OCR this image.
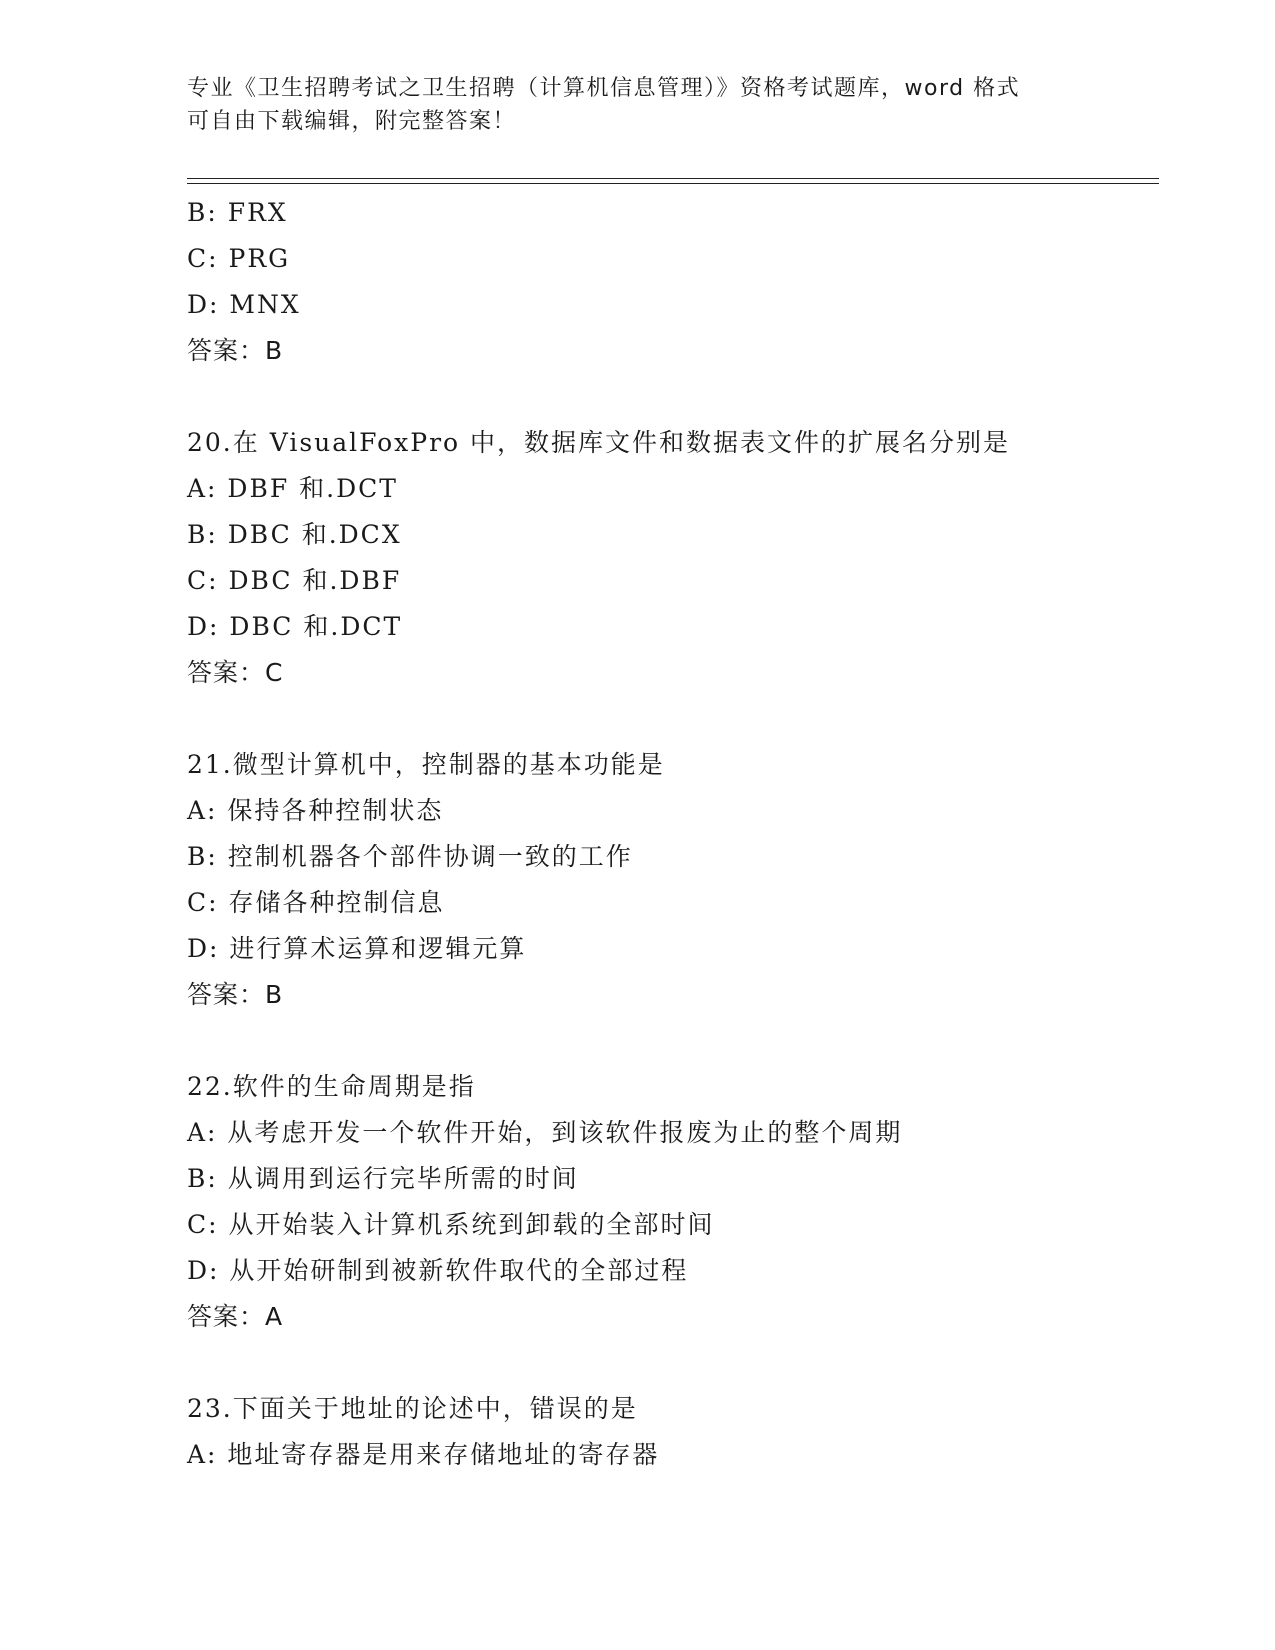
专业《卫生招聘考试之卫生招聘（计算机信息管理）》资格考试题库，word 格式
可自由下载编辑，附完整答案！
B: FRX
C: PRG
D: MNX
答案：B
20.在 VisualFoxPro 中，数据库文件和数据表文件的扩展名分别是
A: DBF 和.DCT
B: DBC 和.DCX
C: DBC 和.DBF
D: DBC 和.DCT
答案：C
21.微型计算机中，控制器的基本功能是
A: 保持各种控制状态
B: 控制机器各个部件协调一致的工作
C: 存储各种控制信息
D: 进行算术运算和逻辑元算
答案：B
22.软件的生命周期是指
A: 从考虑开发一个软件开始，到该软件报废为止的整个周期
B: 从调用到运行完毕所需的时间
C: 从开始装入计算机系统到卸载的全部时间
D: 从开始研制到被新软件取代的全部过程
答案：A
23.下面关于地址的论述中，错误的是
A: 地址寄存器是用来存储地址的寄存器
